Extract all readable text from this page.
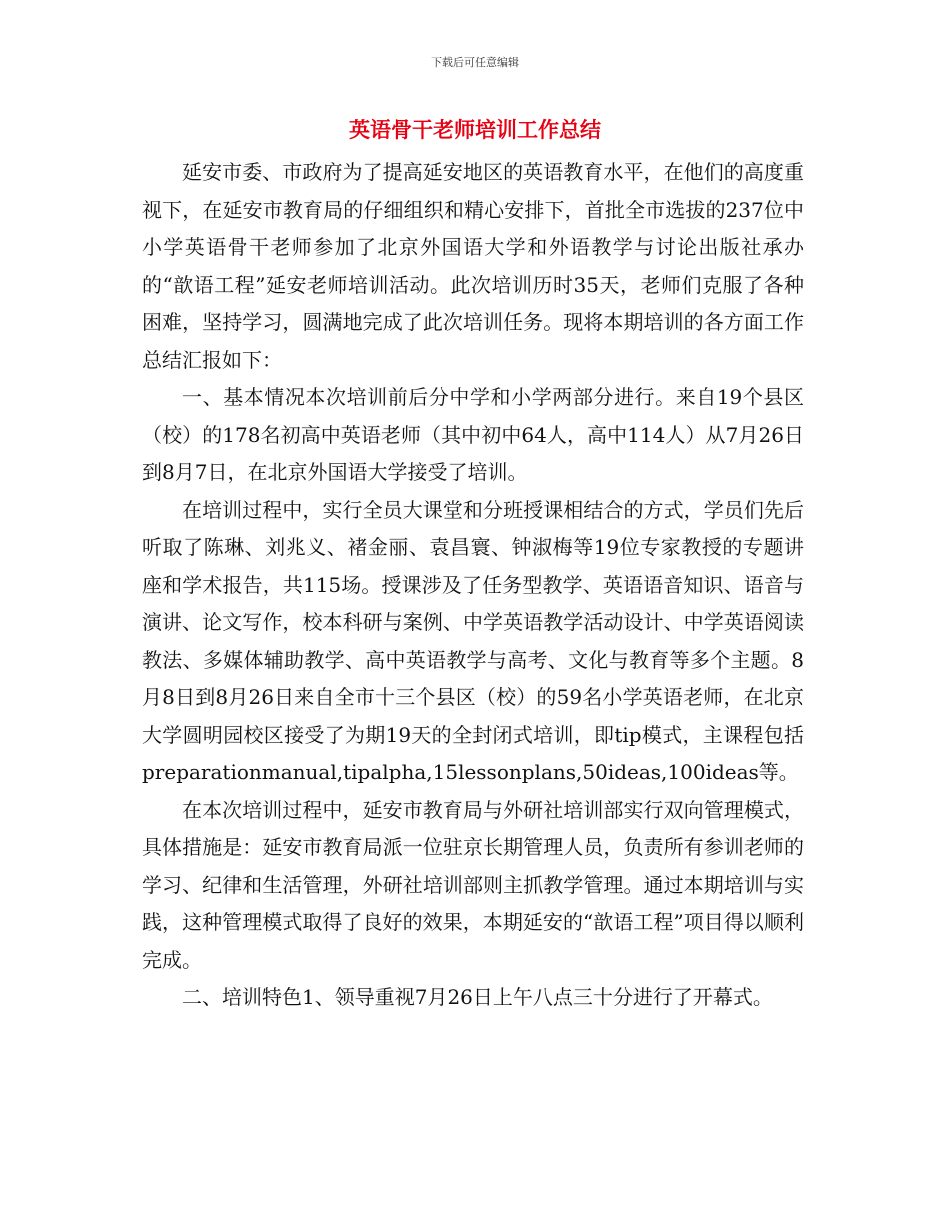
下载后可任意编辑
英语骨干老师培训工作总结

延安市委、市政府为了提高延安地区的英语教育水平，在他们的高度重视下，在延安市教育局的仔细组织和精心安排下，首批全市选拔的237位中小学英语骨干老师参加了北京外国语大学和外语教学与讨论出版社承办的“歆语工程”延安老师培训活动。此次培训历时35天，老师们克服了各种困难，坚持学习，圆满地完成了此次培训任务。现将本期培训的各方面工作总结汇报如下：

一、基本情况本次培训前后分中学和小学两部分进行。来自19个县区（校）的178名初高中英语老师（其中初中64人，高中114人）从7月26日到8月7日，在北京外国语大学接受了培训。

在培训过程中，实行全员大课堂和分班授课相结合的方式，学员们先后听取了陈琳、刘兆义、褚金丽、袁昌寰、钟淑梅等19位专家教授的专题讲座和学术报告，共115场。授课涉及了任务型教学、英语语音知识、语音与演讲、论文写作，校本科研与案例、中学英语教学活动设计、中学英语阅读教法、多媒体辅助教学、高中英语教学与高考、文化与教育等多个主题。8月8日到8月26日来自全市十三个县区（校）的59名小学英语老师，在北京大学圆明园校区接受了为期19天的全封闭式培训，即tip模式，主课程包括preparationmanual,tipalpha,15lessonplans,50ideas,100ideas等。

在本次培训过程中，延安市教育局与外研社培训部实行双向管理模式，具体措施是：延安市教育局派一位驻京长期管理人员，负责所有参训老师的学习、纪律和生活管理，外研社培训部则主抓教学管理。通过本期培训与实践，这种管理模式取得了良好的效果，本期延安的“歆语工程”项目得以顺利完成。

二、培训特色1、领导重视7月26日上午八点三十分进行了开幕式。
